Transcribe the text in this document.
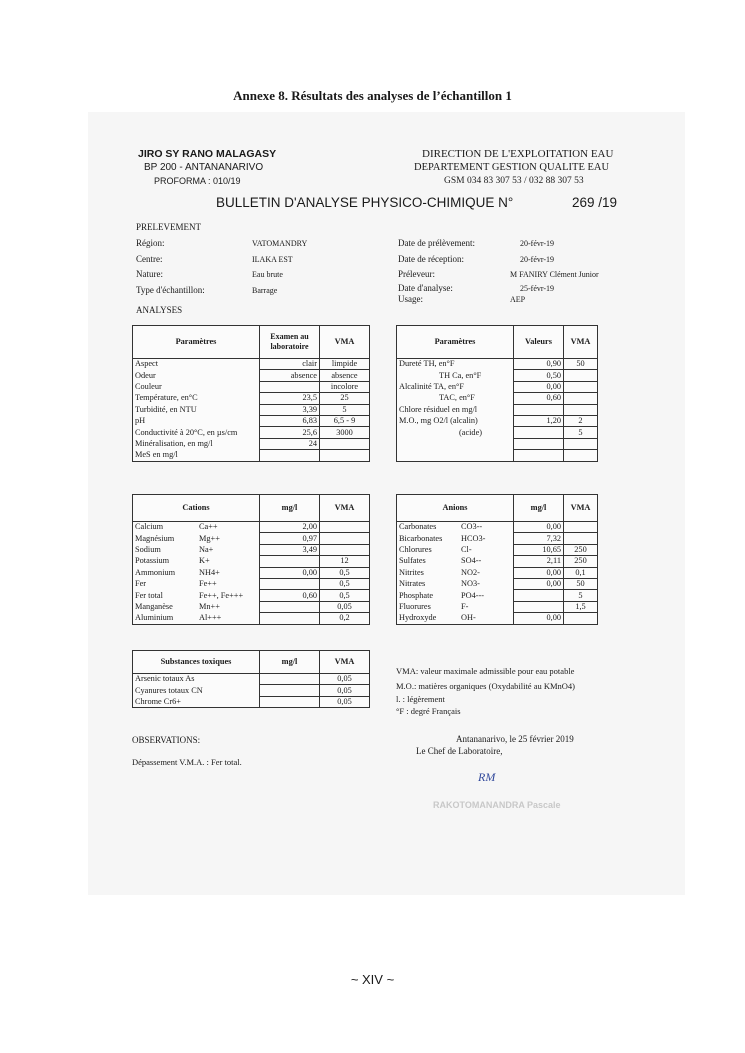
Annexe 8. Résultats des analyses de l’échantillon 1
JIRO SY RANO MALAGASY
BP 200 - ANTANANARIVO
PROFORMA : 010/19
DIRECTION DE L'EXPLOITATION EAU
DEPARTEMENT GESTION QUALITE EAU
GSM 034 83 307 53 / 032 88 307 53
BULLETIN D'ANALYSE PHYSICO-CHIMIQUE N°	269 /19
PRELEVEMENT
Région:	VATOMANDRY
Centre:	ILAKA EST
Nature:	Eau brute
Type d'échantillon:	Barrage
Date de prélèvement:	20-févr-19
Date de réception:	20-févr-19
Préleveur:	M FANIRY Clément Junior
Date d'analyse:	25-févr-19
Usage:	AEP
ANALYSES
Paramètres	Examen au laboratoire	VMA
Aspect	clair	limpide
Odeur	absence	absence
Couleur		incolore
Température, en°C	23,5	25
Turbidité, en NTU	3,39	5
pH	6,83	6,5 - 9
Conductivité à 20°C, en µs/cm	25,6	3000
Minéralisation, en mg/l	24	
MeS en mg/l		
Paramètres	Valeurs	VMA
Dureté TH, en°F	0,90	50
TH Ca, en°F	0,50	
Alcalinité TA, en°F	0,00	
TAC, en°F	0,60	
Chlore résiduel en mg/l		
M.O., mg O2/l (alcalin)	1,20	2
(acide)		5

Cations	mg/l	VMA
Calcium Ca++	2,00	
Magnésium Mg++	0,97	
Sodium Na+	3,49	
Potassium K+		12
Ammonium NH4+	0,00	0,5
Fer Fe++		0,5
Fer total Fe++, Fe+++	0,60	0,5
Manganèse Mn++		0,05
Aluminium Al+++		0,2
Anions	mg/l	VMA
Carbonates CO3--	0,00	
Bicarbonates HCO3-	7,32	
Chlorures Cl-	10,65	250
Sulfates SO4--	2,11	250
Nitrites NO2-	0,00	0,1
Nitrates NO3-	0,00	50
Phosphate PO4---		5
Fluorures F-		1,5
Hydroxyde OH-	0,00	
Substances toxiques	mg/l	VMA
Arsenic totaux As		0,05
Cyanures totaux CN		0,05
Chrome Cr6+		0,05
VMA: valeur maximale admissible pour eau potable
M.O.: matières organiques (Oxydabilité au KMnO4)
l. : légèrement
°F : degré Français
OBSERVATIONS:
Dépassement V.M.A. : Fer total.
Antananarivo, le 25 février 2019
Le Chef de Laboratoire,
RM
RAKOTOMANANDRA Pascale
~ XIV ~
